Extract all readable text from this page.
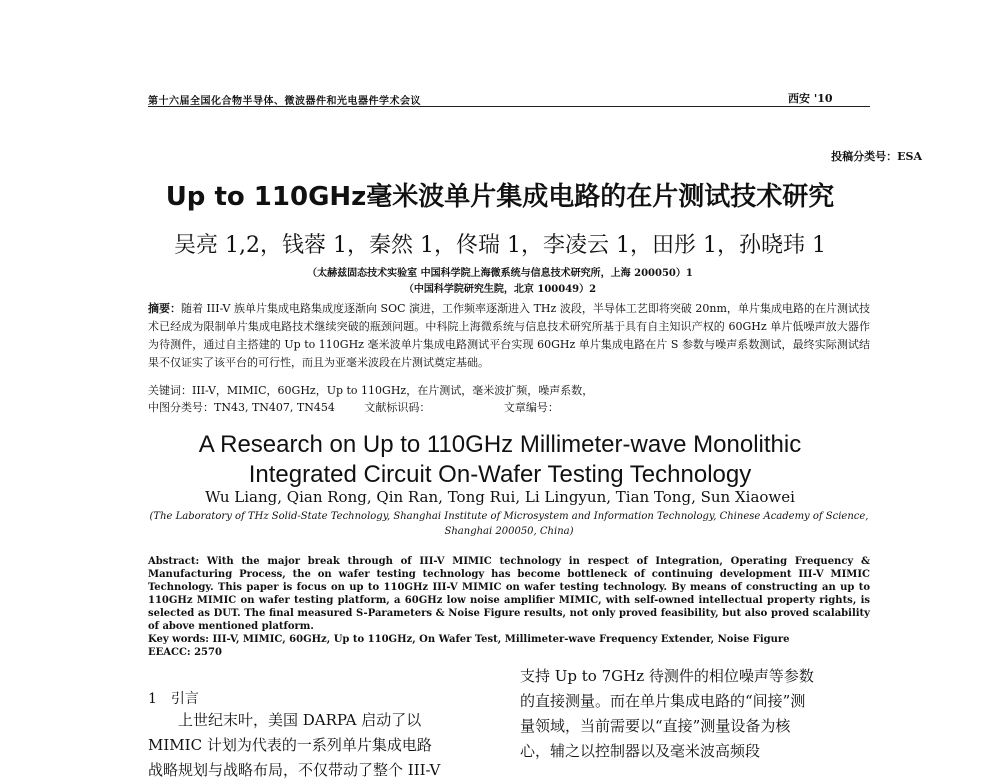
第十六届全国化合物半导体、微波器件和光电器件学术会议	西安 '10
投稿分类号：ESA
Up to 110GHz毫米波单片集成电路的在片测试技术研究
吴亮 1,2，钱蓉 1，秦然 1，佟瑞 1，李凌云 1，田彤 1，孙晓玮 1
（太赫兹固态技术实验室 中国科学院上海微系统与信息技术研究所，上海 200050）1
（中国科学院研究生院，北京 100049）2
摘要：随着 III-V 族单片集成电路集成度逐渐向 SOC 演进，工作频率逐渐进入 THz 波段，半导体工艺即将突破 20nm，单片集成电路的在片测试技术已经成为限制单片集成电路技术继续突破的瓶颈问题。中科院上海微系统与信息技术研究所基于具有自主知识产权的 60GHz 单片低噪声放大器作为待测件，通过自主搭建的 Up to 110GHz 毫米波单片集成电路测试平台实现 60GHz 单片集成电路在片 S 参数与噪声系数测试，最终实际测试结果不仅证实了该平台的可行性，而且为亚毫米波段在片测试奠定基础。
关键词：III-V，MIMIC，60GHz，Up to 110GHz，在片测试，毫米波扩频，噪声系数，
中图分类号：TN43, TN407, TN454	文献标识码：	文章编号：
A Research on Up to 110GHz Millimeter-wave Monolithic
Integrated Circuit On-Wafer Testing Technology
Wu Liang, Qian Rong, Qin Ran, Tong Rui, Li Lingyun, Tian Tong, Sun Xiaowei
(The Laboratory of THz Solid-State Technology, Shanghai Institute of Microsystem and Information Technology, Chinese Academy of Science, Shanghai 200050, China)
Abstract: With the major break through of III-V MIMIC technology in respect of Integration, Operating Frequency & Manufacturing Process, the on wafer testing technology has become bottleneck of continuing development III-V MIMIC Technology. This paper is focus on up to 110GHz III-V MIMIC on wafer testing technology. By means of constructing an up to 110GHz MIMIC on wafer testing platform, a 60GHz low noise amplifier MIMIC, with self-owned intellectual property rights, is selected as DUT. The final measured S-Parameters & Noise Figure results, not only proved feasibility, but also proved scalability of above mentioned platform.
Key words: III-V, MIMIC, 60GHz, Up to 110GHz, On Wafer Test, Millimeter-wave Frequency Extender, Noise Figure
EEACC: 2570
1　引言

上世纪末叶，美国 DARPA 启动了以

MIMIC 计划为代表的一系列单片集成电路

战略规划与战略布局，不仅带动了整个 III-V

支持 Up to 7GHz 待测件的相位噪声等参数

的直接测量。而在单片集成电路的“间接”测

量领域，当前需要以“直接”测量设备为核

心，辅之以控制器以及毫米波高频段
